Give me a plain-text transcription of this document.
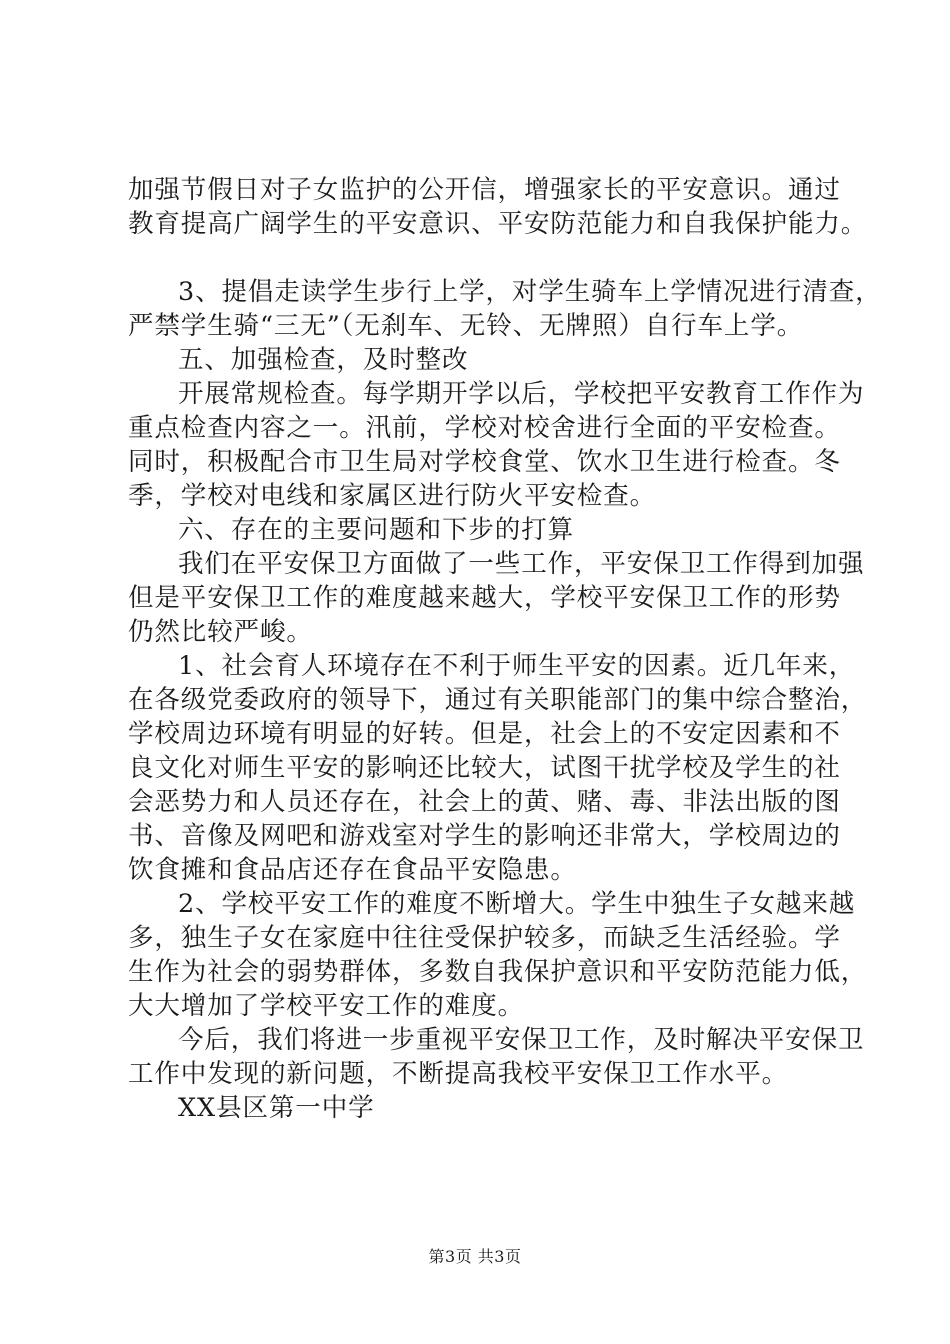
加强节假日对子女监护的公开信，增强家长的平安意识。通过
教育提高广阔学生的平安意识、平安防范能力和自我保护能力。
3、提倡走读学生步行上学，对学生骑车上学情况进行清查，
严禁学生骑“三无”（无刹车、无铃、无牌照）自行车上学。
五、加强检查，及时整改
开展常规检查。每学期开学以后，学校把平安教育工作作为
重点检查内容之一。汛前，学校对校舍进行全面的平安检查。
同时，积极配合市卫生局对学校食堂、饮水卫生进行检查。冬
季，学校对电线和家属区进行防火平安检查。
六、存在的主要问题和下步的打算
我们在平安保卫方面做了一些工作，平安保卫工作得到加强
但是平安保卫工作的难度越来越大，学校平安保卫工作的形势
仍然比较严峻。
1、社会育人环境存在不利于师生平安的因素。近几年来，
在各级党委政府的领导下，通过有关职能部门的集中综合整治，
学校周边环境有明显的好转。但是，社会上的不安定因素和不
良文化对师生平安的影响还比较大，试图干扰学校及学生的社
会恶势力和人员还存在，社会上的黄、赌、毒、非法出版的图
书、音像及网吧和游戏室对学生的影响还非常大，学校周边的
饮食摊和食品店还存在食品平安隐患。
2、学校平安工作的难度不断增大。学生中独生子女越来越
多，独生子女在家庭中往往受保护较多，而缺乏生活经验。学
生作为社会的弱势群体，多数自我保护意识和平安防范能力低，
大大增加了学校平安工作的难度。
今后，我们将进一步重视平安保卫工作，及时解决平安保卫
工作中发现的新问题，不断提高我校平安保卫工作水平。
XX县区第一中学
第3页 共3页
